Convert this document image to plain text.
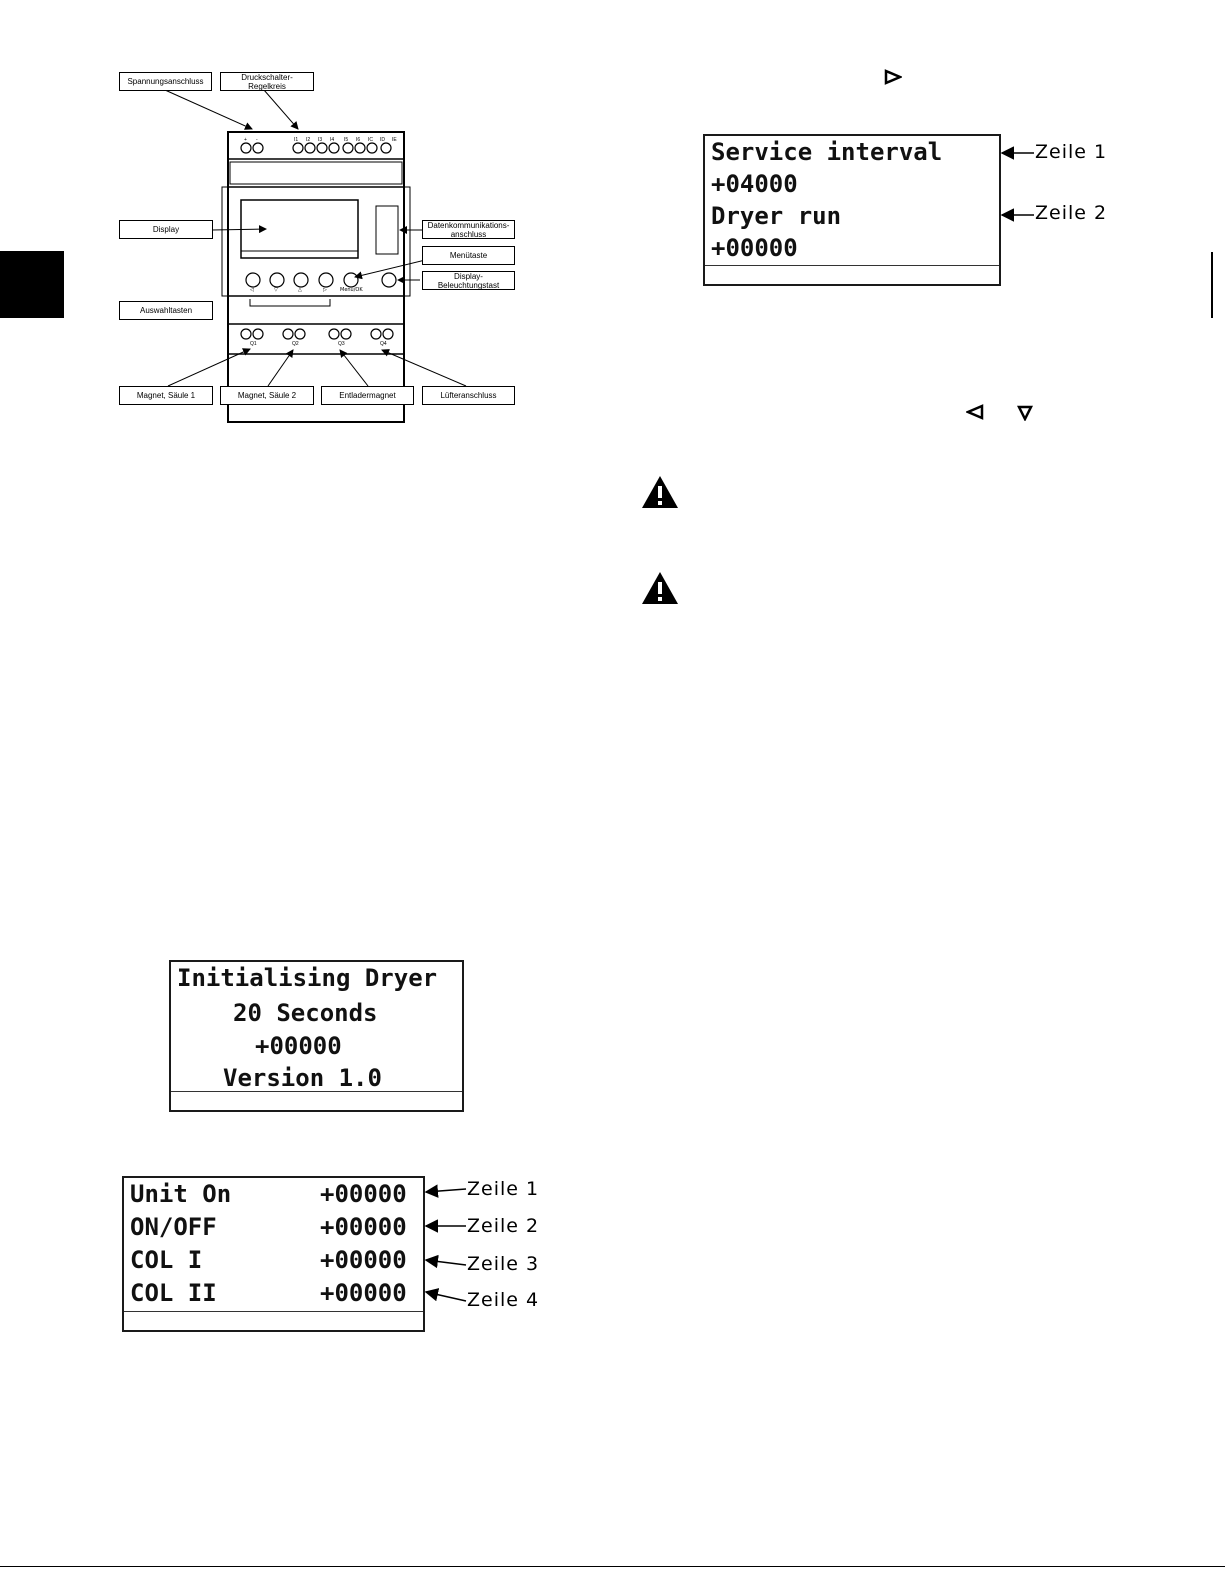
+ -	I1 I2 I3 I4 I5 I6 IC ID IE
◁	▽	△	▷	Menu/OK
Q1	Q2	Q3	Q4
Spannungsanschluss	Druckschalter-Regelkreis
Display	Datenkommunikations-
anschluss
Menütaste
Display-Beleuchtungstast
Auswahltasten
Magnet, Säule 1	Magnet, Säule 2	Entladermagnet	Lüfteranschluss
Service interval
+04000
Dryer run
+00000
Zeile 1
Zeile 2
Initialising Dryer
20 Seconds
+00000
Version 1.0
Unit On	+00000
ON/OFF	+00000
COL I	+00000
COL II	+00000
Zeile 1
Zeile 2
Zeile 3
Zeile 4
